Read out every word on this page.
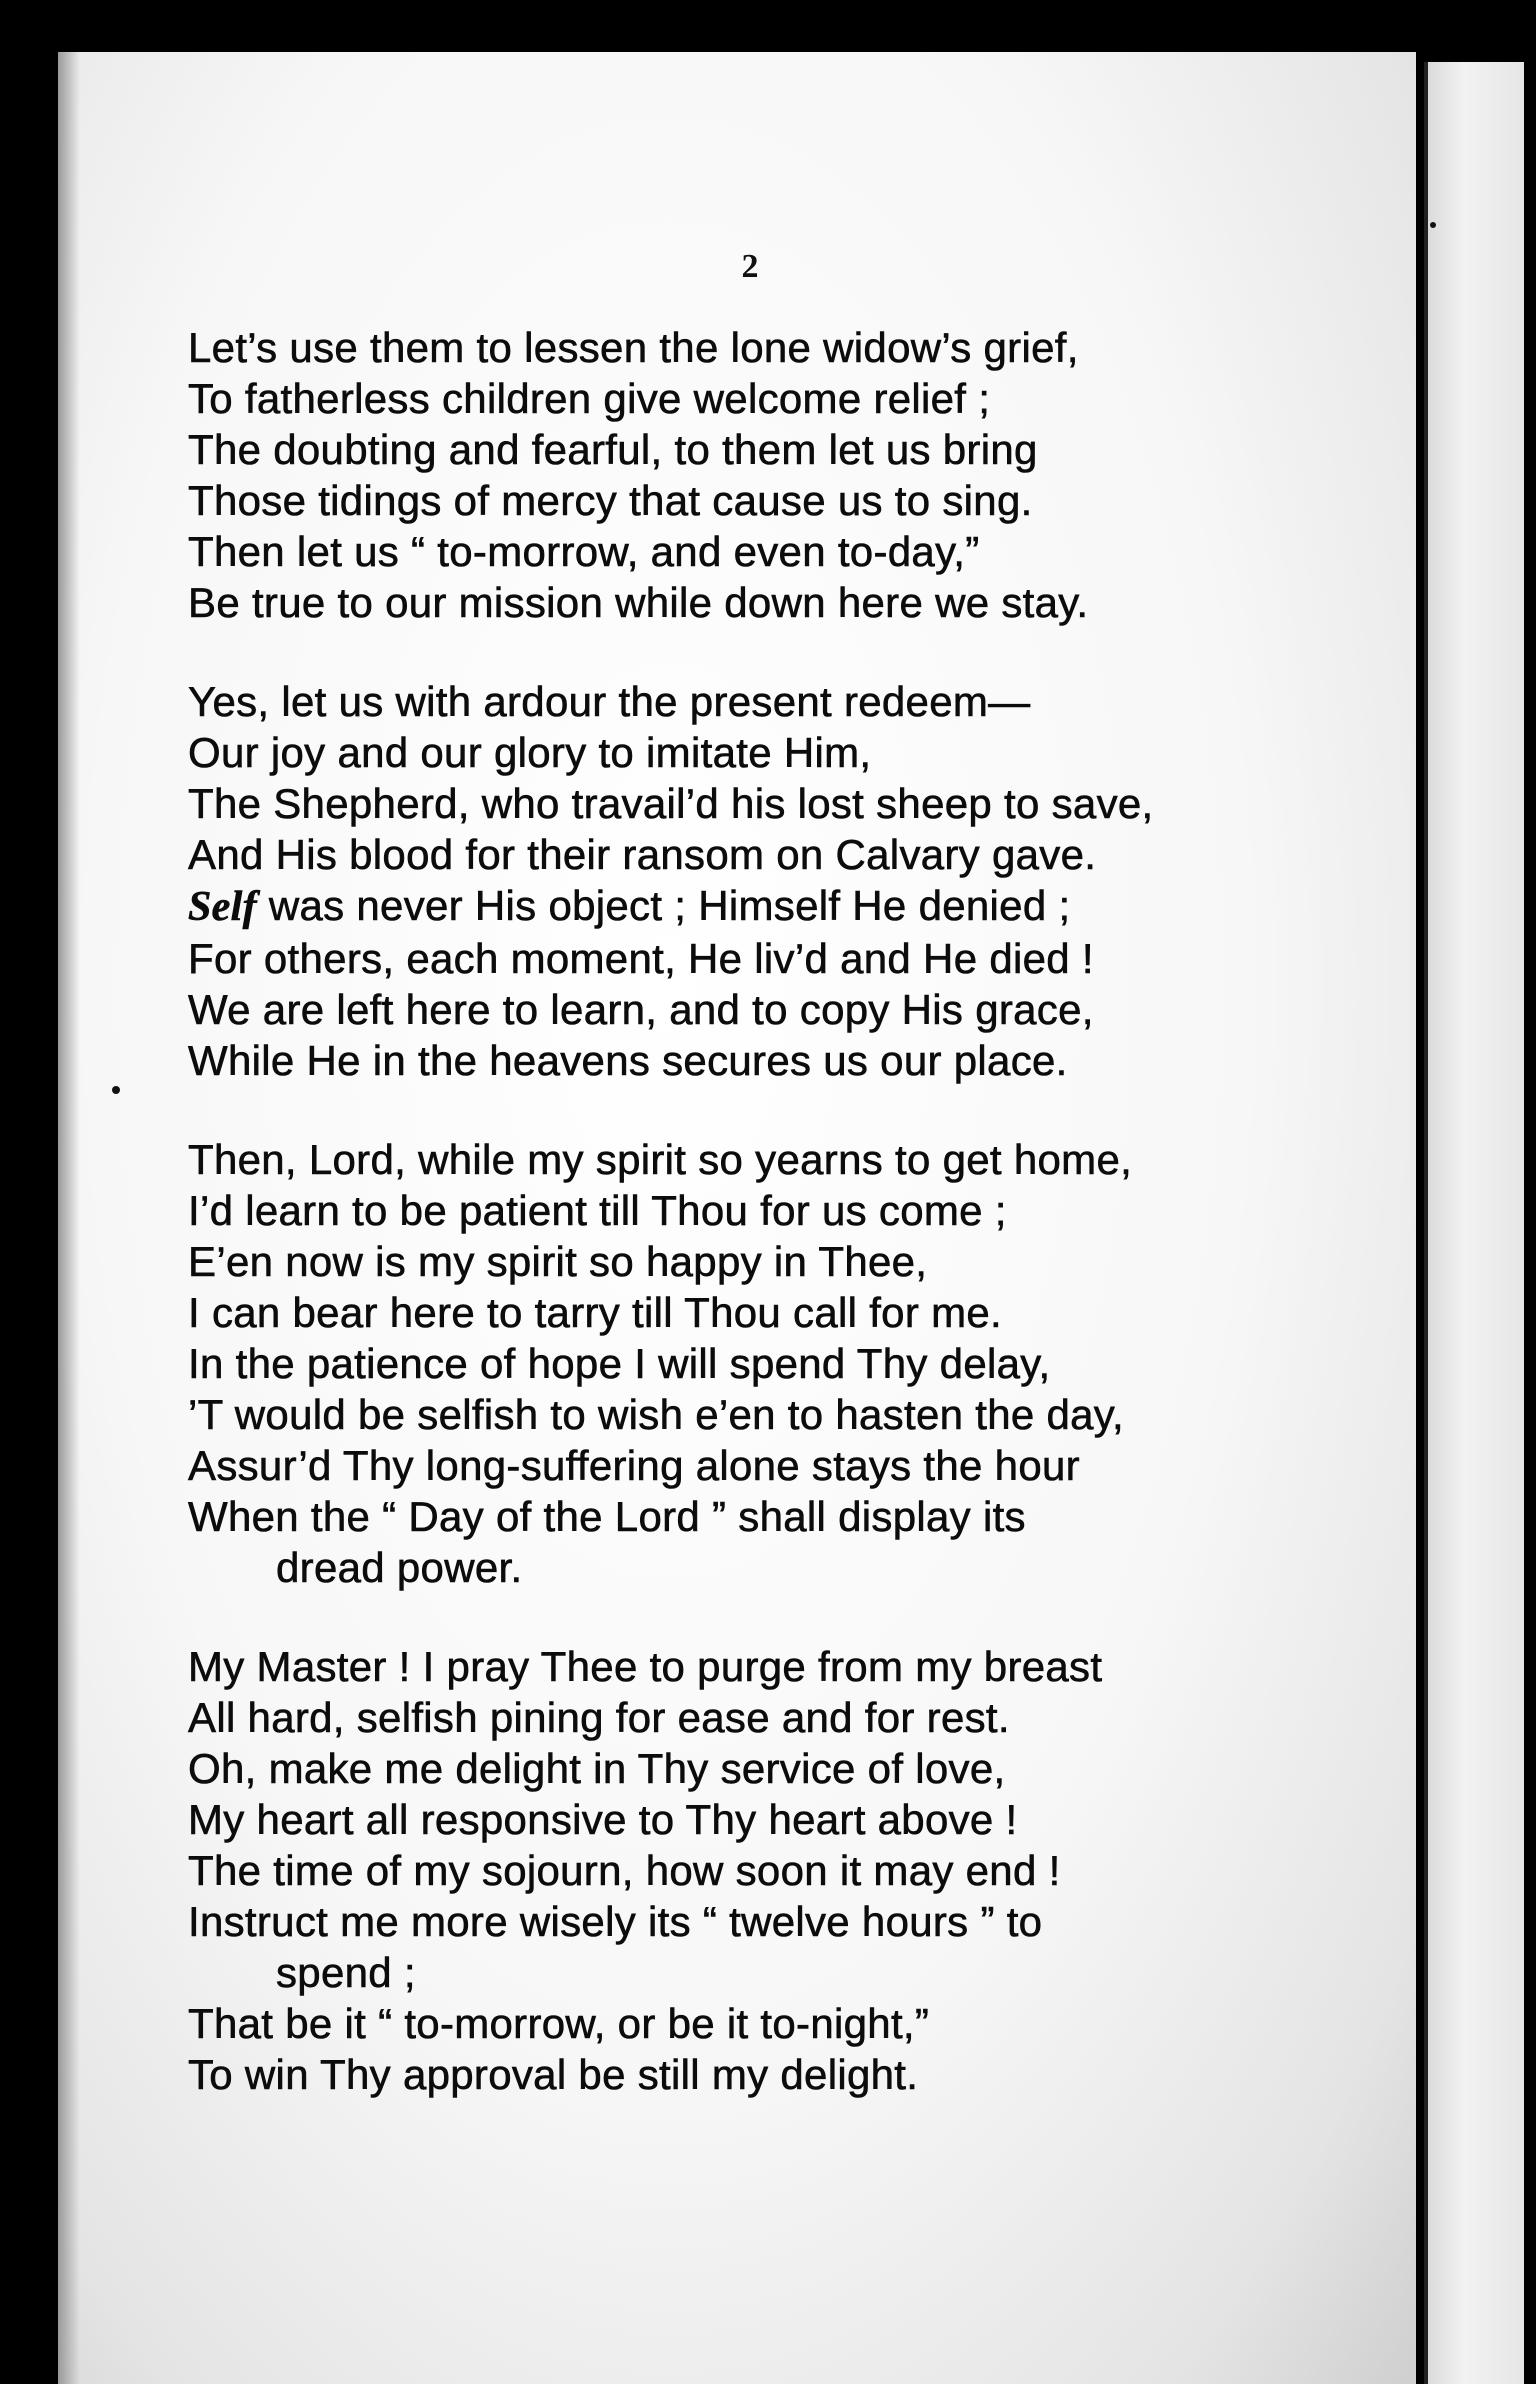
2
Let’s use them to lessen the lone widow’s grief,
To fatherless children give welcome relief ;
The doubting and fearful, to them let us bring
Those tidings of mercy that cause us to sing.
Then let us “ to-morrow, and even to-day,”
Be true to our mission while down here we stay.
Yes, let us with ardour the present redeem—
Our joy and our glory to imitate Him,
The Shepherd, who travail’d his lost sheep to save,
And His blood for their ransom on Calvary gave.
Self was never His object ; Himself He denied ;
For others, each moment, He liv’d and He died !
We are left here to learn, and to copy His grace,
While He in the heavens secures us our place.
Then, Lord, while my spirit so yearns to get home,
I’d learn to be patient till Thou for us come ;
E’en now is my spirit so happy in Thee,
I can bear here to tarry till Thou call for me.
In the patience of hope I will spend Thy delay,
’T would be selfish to wish e’en to hasten the day,
Assur’d Thy long-suffering alone stays the hour
When the “ Day of the Lord ” shall display its
dread power.
My Master ! I pray Thee to purge from my breast
All hard, selfish pining for ease and for rest.
Oh, make me delight in Thy service of love,
My heart all responsive to Thy heart above !
The time of my sojourn, how soon it may end !
Instruct me more wisely its “ twelve hours ” to
spend ;
That be it “ to-morrow, or be it to-night,”
To win Thy approval be still my delight.
